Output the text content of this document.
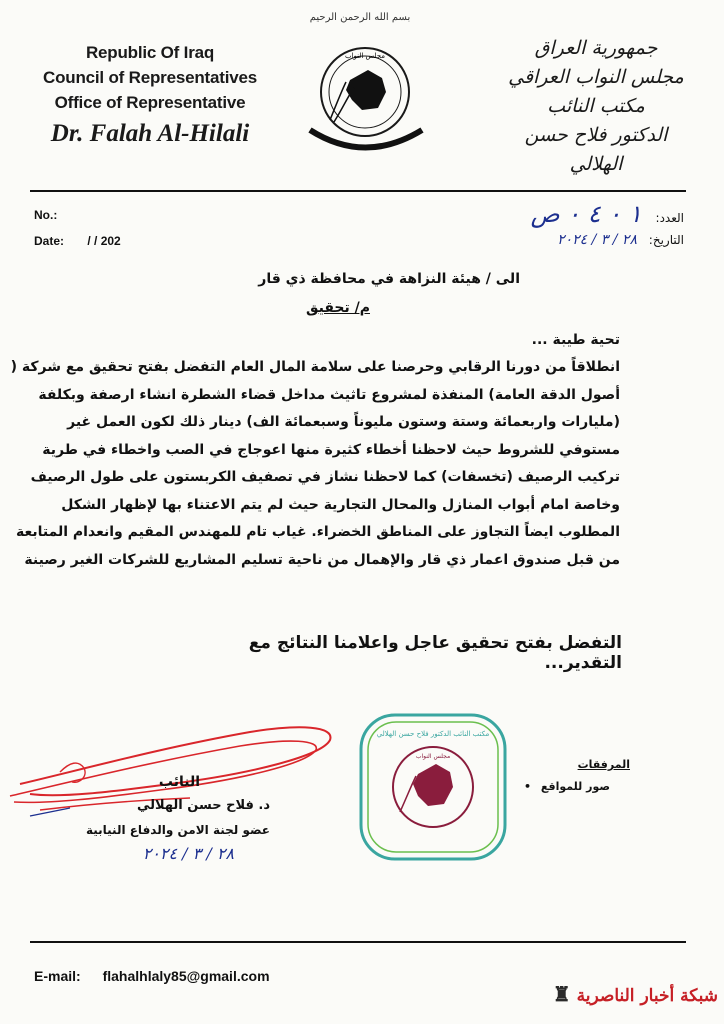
بسم الله الرحمن الرحيم
مجلس النواب
Republic Of Iraq
Council of Representatives
Office of Representative
Dr. Falah Al-Hilali
جمهورية العراق
مجلس النواب العراقي
مكتب النائب
الدكتور فلاح حسن الهلالي
No.:
Date: / / 202
العدد: ١ ٠ ٤ ٠ ص
التاريخ: ٢٨ / ٣ / ٢٠٢٤
الى / هيئة النزاهة في محافظة ذي قار
م/ تحقيق
تحية طيبة ...
انطلاقاً من دورنا الرقابي وحرصنا على سلامة المال العام التفضل بفتح تحقيق مع شركة (
أصول الدقة العامة) المنفذة لمشروع تاثيث مداخل قضاء الشطرة انشاء ارصفة وبكلفة
(مليارات واربعمائة وستة وستون مليوناً وسبعمائة الف) دينار ذلك لكون العمل غير
مستوفي للشروط حيث لاحظنا أخطاء كثيرة منها اعوجاج في الصب واخطاء في طرية
تركيب الرصيف (تخسفات) كما لاحظنا نشاز في تصفيف الكربستون على طول الرصيف
وخاصة امام أبواب المنازل والمحال التجارية حيث لم يتم الاعتناء بها لإظهار الشكل
المطلوب ايضاً التجاوز على المناطق الخضراء. غياب تام للمهندس المقيم وانعدام المتابعة
من قبل صندوق اعمار ذي قار والإهمال من ناحية تسليم المشاريع للشركات الغير رصينة
التفضل بفتح تحقيق عاجل واعلامنا النتائج مع التقدير...
مكتب النائب الدكتور فلاح حسن الهلالي
مجلس النواب
المرفقات
صور للمواقع •
النائب
د. فلاح حسن الهلالي
عضو لجنة الامن والدفاع النيابية
٢٨ / ٣ / ٢٠٢٤
E-mail: flahalhlaly85@gmail.com
شبكة أخبار الناصرية ♜
